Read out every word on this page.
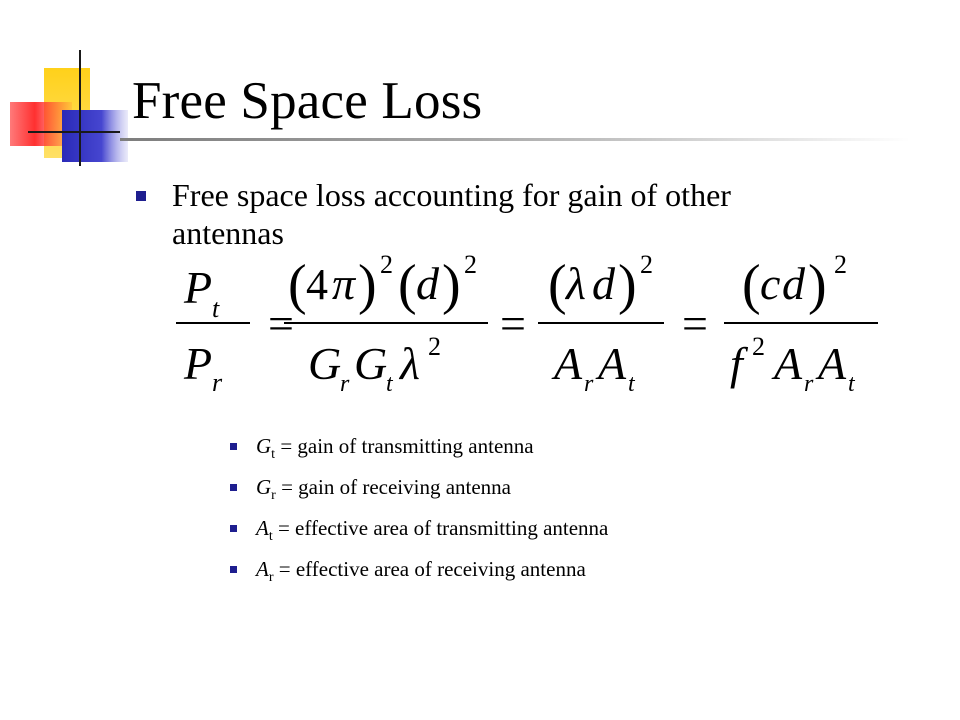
Free Space Loss
Free space loss accounting for gain of other antennas
P t
P r
=
( 4 π ) 2 ( d ) 2
G
r G
t λ 2 =
( λ d ) 2
A r A t
=
( c d ) 2
f 2 A r A t
$G_t$ = gain of transmitting antenna
$G_r$ = gain of receiving antenna
$A_t$ = effective area of transmitting antenna
$A_r$ = effective area of receiving antenna
